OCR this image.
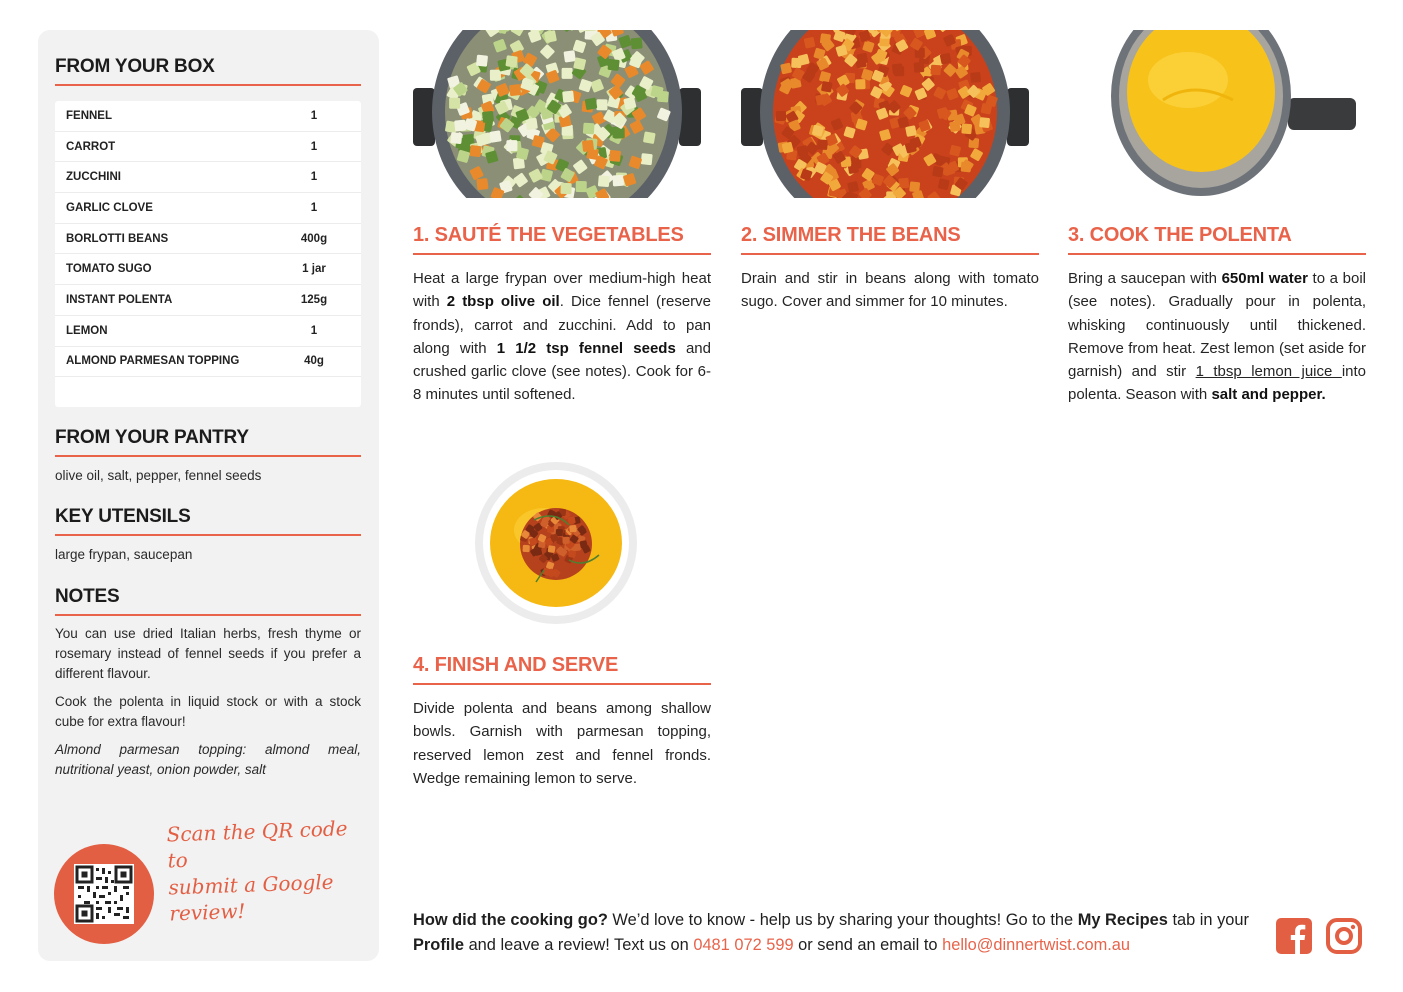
FROM YOUR BOX
FENNEL	1
CARROT	1
ZUCCHINI	1
GARLIC CLOVE	1
BORLOTTI BEANS	400g
TOMATO SUGO	1 jar
INSTANT POLENTA	125g
LEMON	1
ALMOND PARMESAN TOPPING	40g
FROM YOUR PANTRY
olive oil, salt, pepper, fennel seeds
KEY UTENSILS
large frypan, saucepan
NOTES

You can use dried Italian herbs, fresh thyme or rosemary instead of fennel seeds if you prefer a different flavour.

Cook the polenta in liquid stock or with a stock cube for extra flavour!

Almond parmesan topping: almond meal, nutritional yeast, onion powder, salt

Scan the QR code to
submit a Google review!
1. SAUTÉ THE VEGETABLES
Heat a large frypan over medium-high heat with 2 tbsp olive oil. Dice fennel (reserve fronds), carrot and zucchini. Add to pan along with 1 1/2 tsp fennel seeds and crushed garlic clove (see notes). Cook for 6-8 minutes until softened.
2. SIMMER THE BEANS
Drain and stir in beans along with tomato sugo. Cover and simmer for 10 minutes.
3. COOK THE POLENTA
Bring a saucepan with 650ml water to a boil (see notes). Gradually pour in polenta, whisking continuously until thickened. Remove from heat. Zest lemon (set aside for garnish) and stir 1 tbsp lemon juice into polenta. Season with salt and pepper.
4. FINISH AND SERVE
Divide polenta and beans among shallow bowls. Garnish with parmesan topping, reserved lemon zest and fennel fronds. Wedge remaining lemon to serve.
How did the cooking go? We’d love to know - help us by sharing your thoughts! Go to the My Recipes tab in your Profile and leave a review! Text us on 0481 072 599 or send an email to hello@dinnertwist.com.au
